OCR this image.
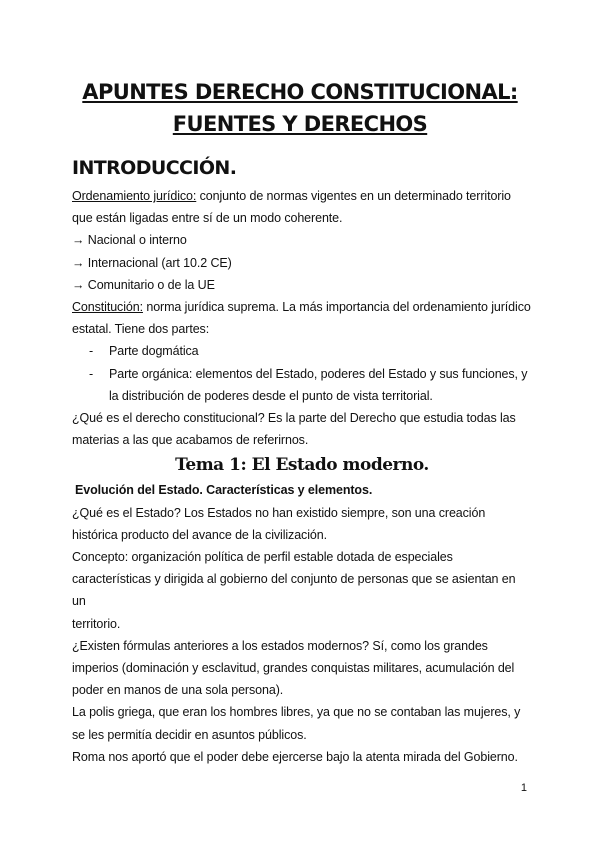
APUNTES DERECHO CONSTITUCIONAL:
FUENTES Y DERECHOS
INTRODUCCIÓN.

Ordenamiento jurídico: conjunto de normas vigentes en un determinado territorio

que están ligadas entre sí de un modo coherente.

→ Nacional o interno

→ Internacional (art 10.2 CE)

→ Comunitario o de la UE

Constitución: norma jurídica suprema. La más importancia del ordenamiento jurídico

estatal. Tiene dos partes:

- Parte dogmática
- Parte orgánica: elementos del Estado, poderes del Estado y sus funciones, y
la distribución de poderes desde el punto de vista territorial.

¿Qué es el derecho constitucional? Es la parte del Derecho que estudia todas las

materias a las que acabamos de referirnos.

Tema 1: El Estado moderno.

Evolución del Estado. Características y elementos.

¿Qué es el Estado? Los Estados no han existido siempre, son una creación

histórica producto del avance de la civilización.

Concepto: organización política de perfil estable dotada de especiales

características y dirigida al gobierno del conjunto de personas que se asientan en un

territorio.

¿Existen fórmulas anteriores a los estados modernos? Sí, como los grandes

imperios (dominación y esclavitud, grandes conquistas militares, acumulación del

poder en manos de una sola persona).

La polis griega, que eran los hombres libres, ya que no se contaban las mujeres, y

se les permitía decidir en asuntos públicos.

Roma nos aportó que el poder debe ejercerse bajo la atenta mirada del Gobierno.

1
